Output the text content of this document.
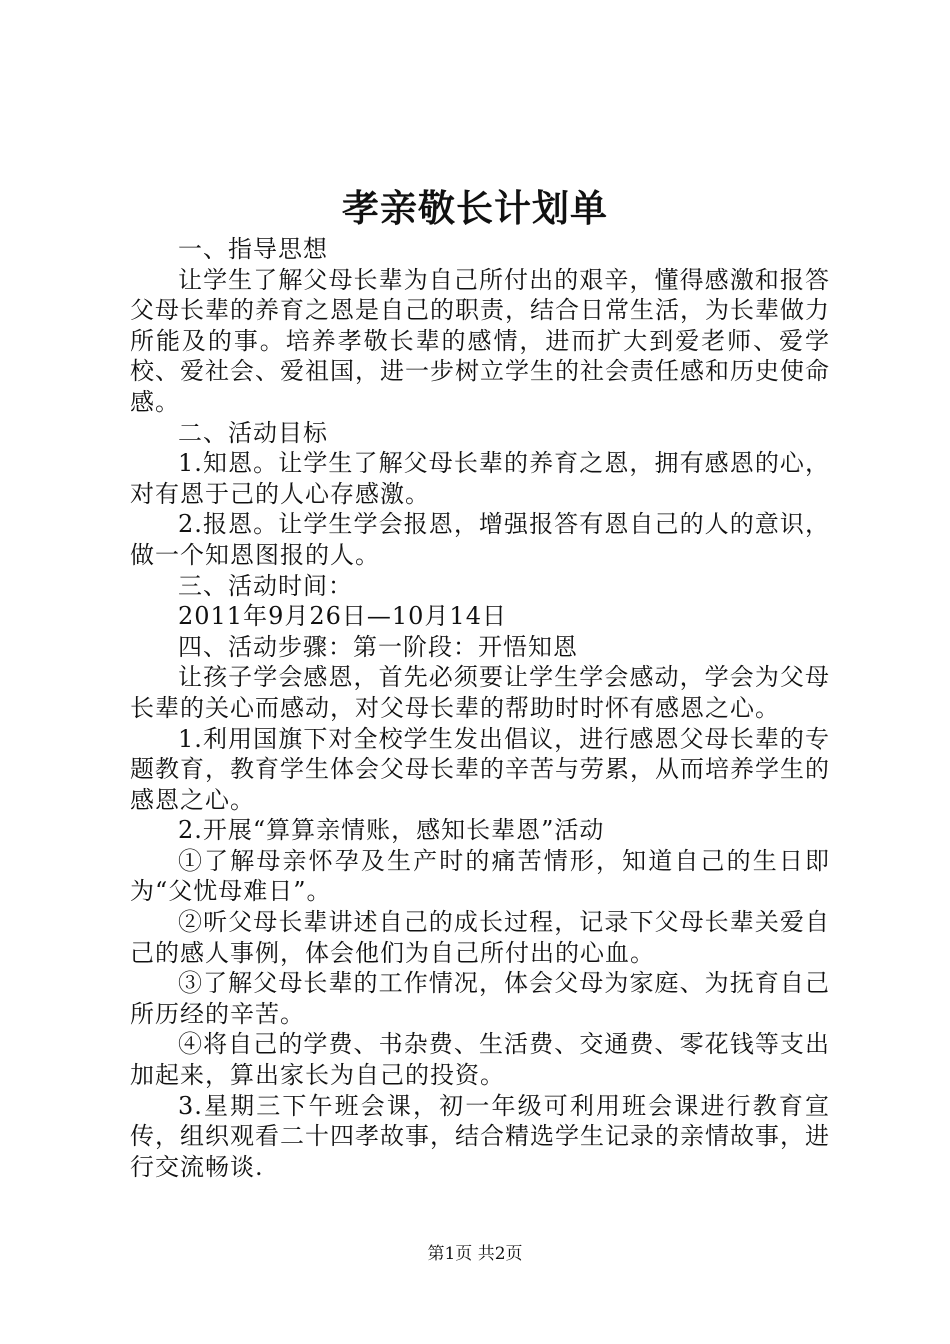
孝亲敬长计划单

一、指导思想

让学生了解父母长辈为自己所付出的艰辛，懂得感激和报答父母长辈的养育之恩是自己的职责，结合日常生活，为长辈做力所能及的事。培养孝敬长辈的感情，进而扩大到爱老师、爱学校、爱社会、爱祖国，进一步树立学生的社会责任感和历史使命感。

二、活动目标

1.知恩。让学生了解父母长辈的养育之恩，拥有感恩的心，对有恩于己的人心存感激。

2.报恩。让学生学会报恩，增强报答有恩自己的人的意识，做一个知恩图报的人。

三、活动时间：

2011年9月26日—10月14日

四、活动步骤：第一阶段：开悟知恩

让孩子学会感恩，首先必须要让学生学会感动，学会为父母长辈的关心而感动，对父母长辈的帮助时时怀有感恩之心。

1.利用国旗下对全校学生发出倡议，进行感恩父母长辈的专题教育，教育学生体会父母长辈的辛苦与劳累，从而培养学生的感恩之心。

2.开展“算算亲情账，感知长辈恩”活动

①了解母亲怀孕及生产时的痛苦情形，知道自己的生日即为“父忧母难日”。

②听父母长辈讲述自己的成长过程，记录下父母长辈关爱自己的感人事例，体会他们为自己所付出的心血。

③了解父母长辈的工作情况，体会父母为家庭、为抚育自己所历经的辛苦。

④将自己的学费、书杂费、生活费、交通费、零花钱等支出加起来，算出家长为自己的投资。

3.星期三下午班会课，初一年级可利用班会课进行教育宣传，组织观看二十四孝故事，结合精选学生记录的亲情故事，进行交流畅谈.

第1页 共2页
